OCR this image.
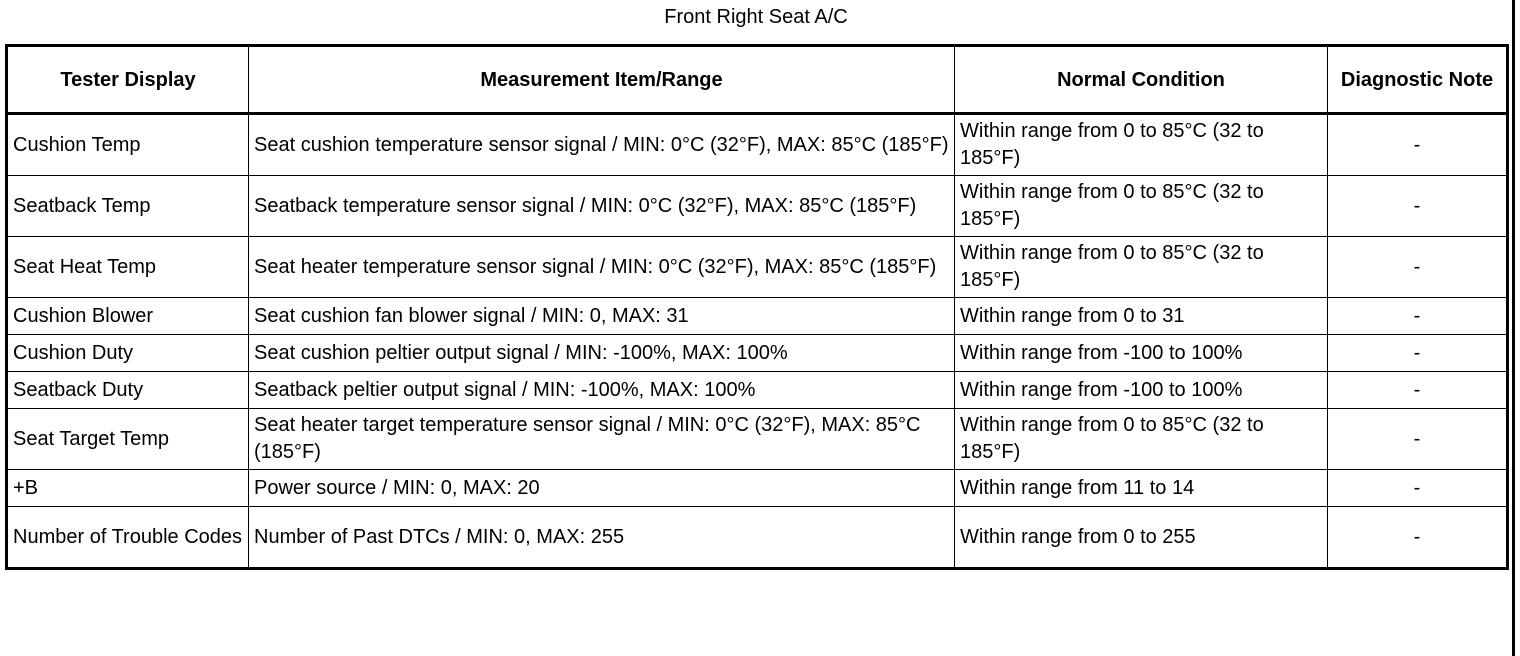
Front Right Seat A/C
Tester Display	Measurement Item/Range	Normal Condition	Diagnostic Note
Cushion Temp	Seat cushion temperature sensor signal / MIN: 0°C (32°F), MAX: 85°C (185°F)	Within range from 0 to 85°C (32 to 185°F)	-
Seatback Temp	Seatback temperature sensor signal / MIN: 0°C (32°F), MAX: 85°C (185°F)	Within range from 0 to 85°C (32 to 185°F)	-
Seat Heat Temp	Seat heater temperature sensor signal / MIN: 0°C (32°F), MAX: 85°C (185°F)	Within range from 0 to 85°C (32 to 185°F)	-
Cushion Blower	Seat cushion fan blower signal / MIN: 0, MAX: 31	Within range from 0 to 31	-
Cushion Duty	Seat cushion peltier output signal / MIN: -100%, MAX: 100%	Within range from -100 to 100%	-
Seatback Duty	Seatback peltier output signal / MIN: -100%, MAX: 100%	Within range from -100 to 100%	-
Seat Target Temp	Seat heater target temperature sensor signal / MIN: 0°C (32°F), MAX: 85°C (185°F)	Within range from 0 to 85°C (32 to 185°F)	-
+B	Power source / MIN: 0, MAX: 20	Within range from 11 to 14	-
Number of Trouble Codes	Number of Past DTCs / MIN: 0, MAX: 255	Within range from 0 to 255	-
